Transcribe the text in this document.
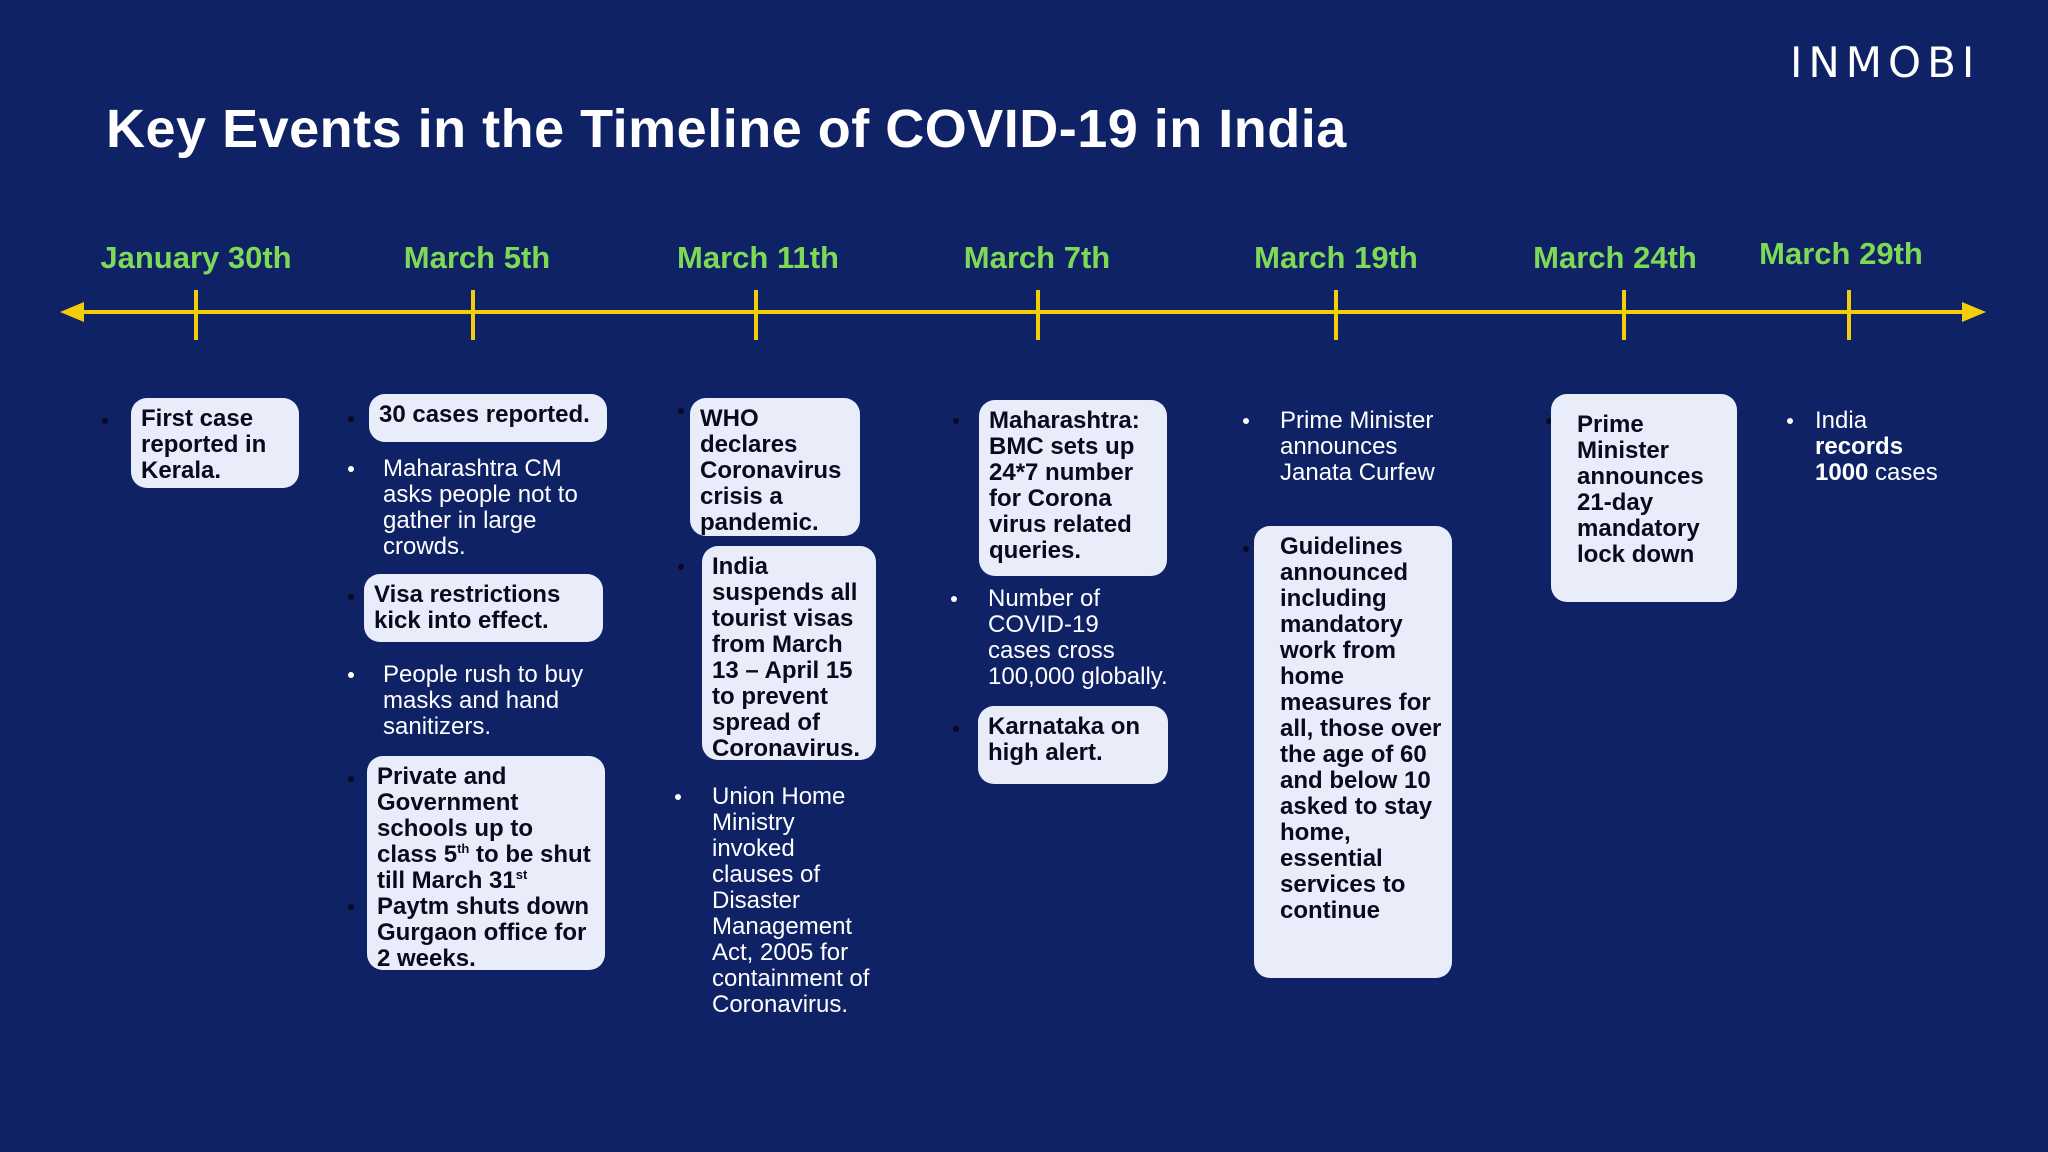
INMOBI
Key Events in the Timeline of COVID-19 in India
January 30th	March 5th	March 11th	March 7th	March 19th	March 24th March 29th
First case reported in Kerala.
30 cases reported.
Maharashtra CM asks people not to gather in large crowds.
Visa restrictions kick into effect.
People rush to buy masks and hand sanitizers.
Private and Government schools up to class 5th to be shut till March 31st
Paytm shuts down Gurgaon office for 2 weeks.
WHO declares Coronavirus crisis a pandemic.
India suspends all tourist visas from March 13 – April 15 to prevent spread of Coronavirus.
Union Home Ministry invoked clauses of Disaster Management Act, 2005 for containment of Coronavirus.
Maharashtra: BMC sets up 24*7 number for Corona virus related queries.
Number of COVID-19 cases cross 100,000 globally.
Karnataka on high alert.
Prime Minister announces Janata Curfew
Guidelines announced including mandatory work from home measures for all, those over the age of 60 and below 10 asked to stay home, essential services to continue
Prime Minister announces 21-day mandatory lock down
India
records
1000 cases
